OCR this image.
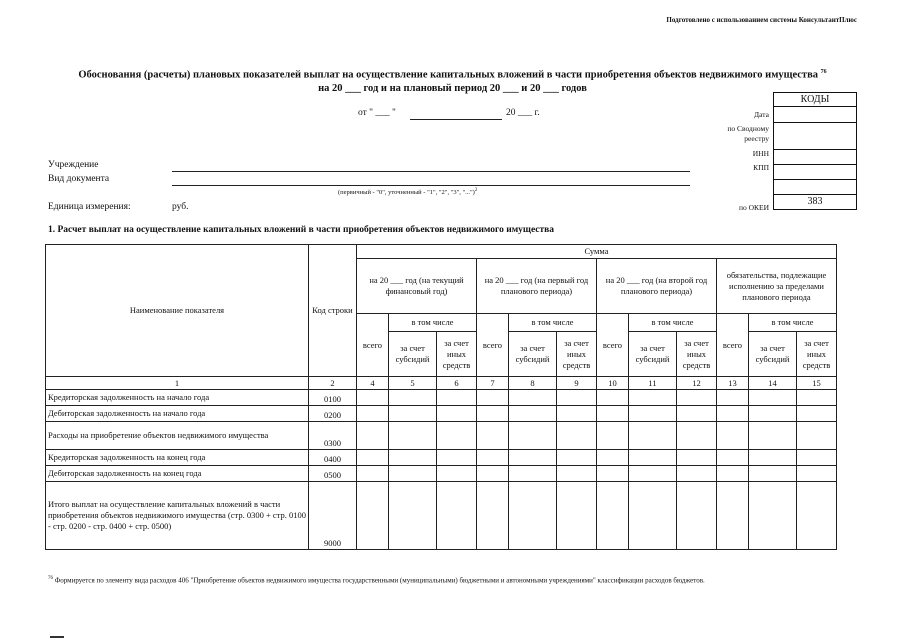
Подготовлено с использованием системы КонсультантПлюс
Обоснования (расчеты) плановых показателей выплат на осуществление капитальных вложений в части приобретения объектов недвижимого имущества $^{76}$
на 20 ___ год и на плановый период 20 ___ и 20 ___ годов
от " ___ "	20 ___ г.
КОДЫ
383
Дата
по Сводному реестру
ИНН
КПП
по ОКЕИ
Учреждение
Вид документа
(первичный - "0", уточненный - "1", "2", "3", "...")$^2$
Единица измерения:	руб.
1. Расчет выплат на осуществление капитальных вложений в части приобретения объектов недвижимого имущества
Наименование показателя	Код строки	Сумма											
		на 20 ___ год (на текущий финансовый год)			на 20 ___ год (на первый год планового периода)			на 20 ___ год (на второй год планового периода)			обязательства, подлежащие исполнению за пределами планового периода		
		всего	в том числе		всего	в том числе		всего	в том числе		всего	в том числе	
			за счет субсидий	за счет иных средств		за счет субсидий	за счет иных средств		за счет субсидий	за счет иных средств		за счет субсидий	за счет иных средств
1	2	4	5	6	7	8	9	10	11	12	13	14	15
Кредиторская задолженность на начало года	0100												
Дебиторская задолженность на начало года	0200												
Расходы на приобретение объектов недвижимого имущества	0300												
Кредиторская задолженность на конец года	0400												
Дебиторская задолженность на конец года	0500												
Итого выплат на осуществление капитальных вложений в части приобретения объектов недвижимого имущества (стр. 0300 + стр. 0100 - стр. 0200 - стр. 0400 + стр. 0500)	9000												
$^{76}$ Формируется по элементу вида расходов 406 "Приобретение объектов недвижимого имущества государственными (муниципальными) бюджетными и автономными учреждениями" классификации расходов бюджетов.
